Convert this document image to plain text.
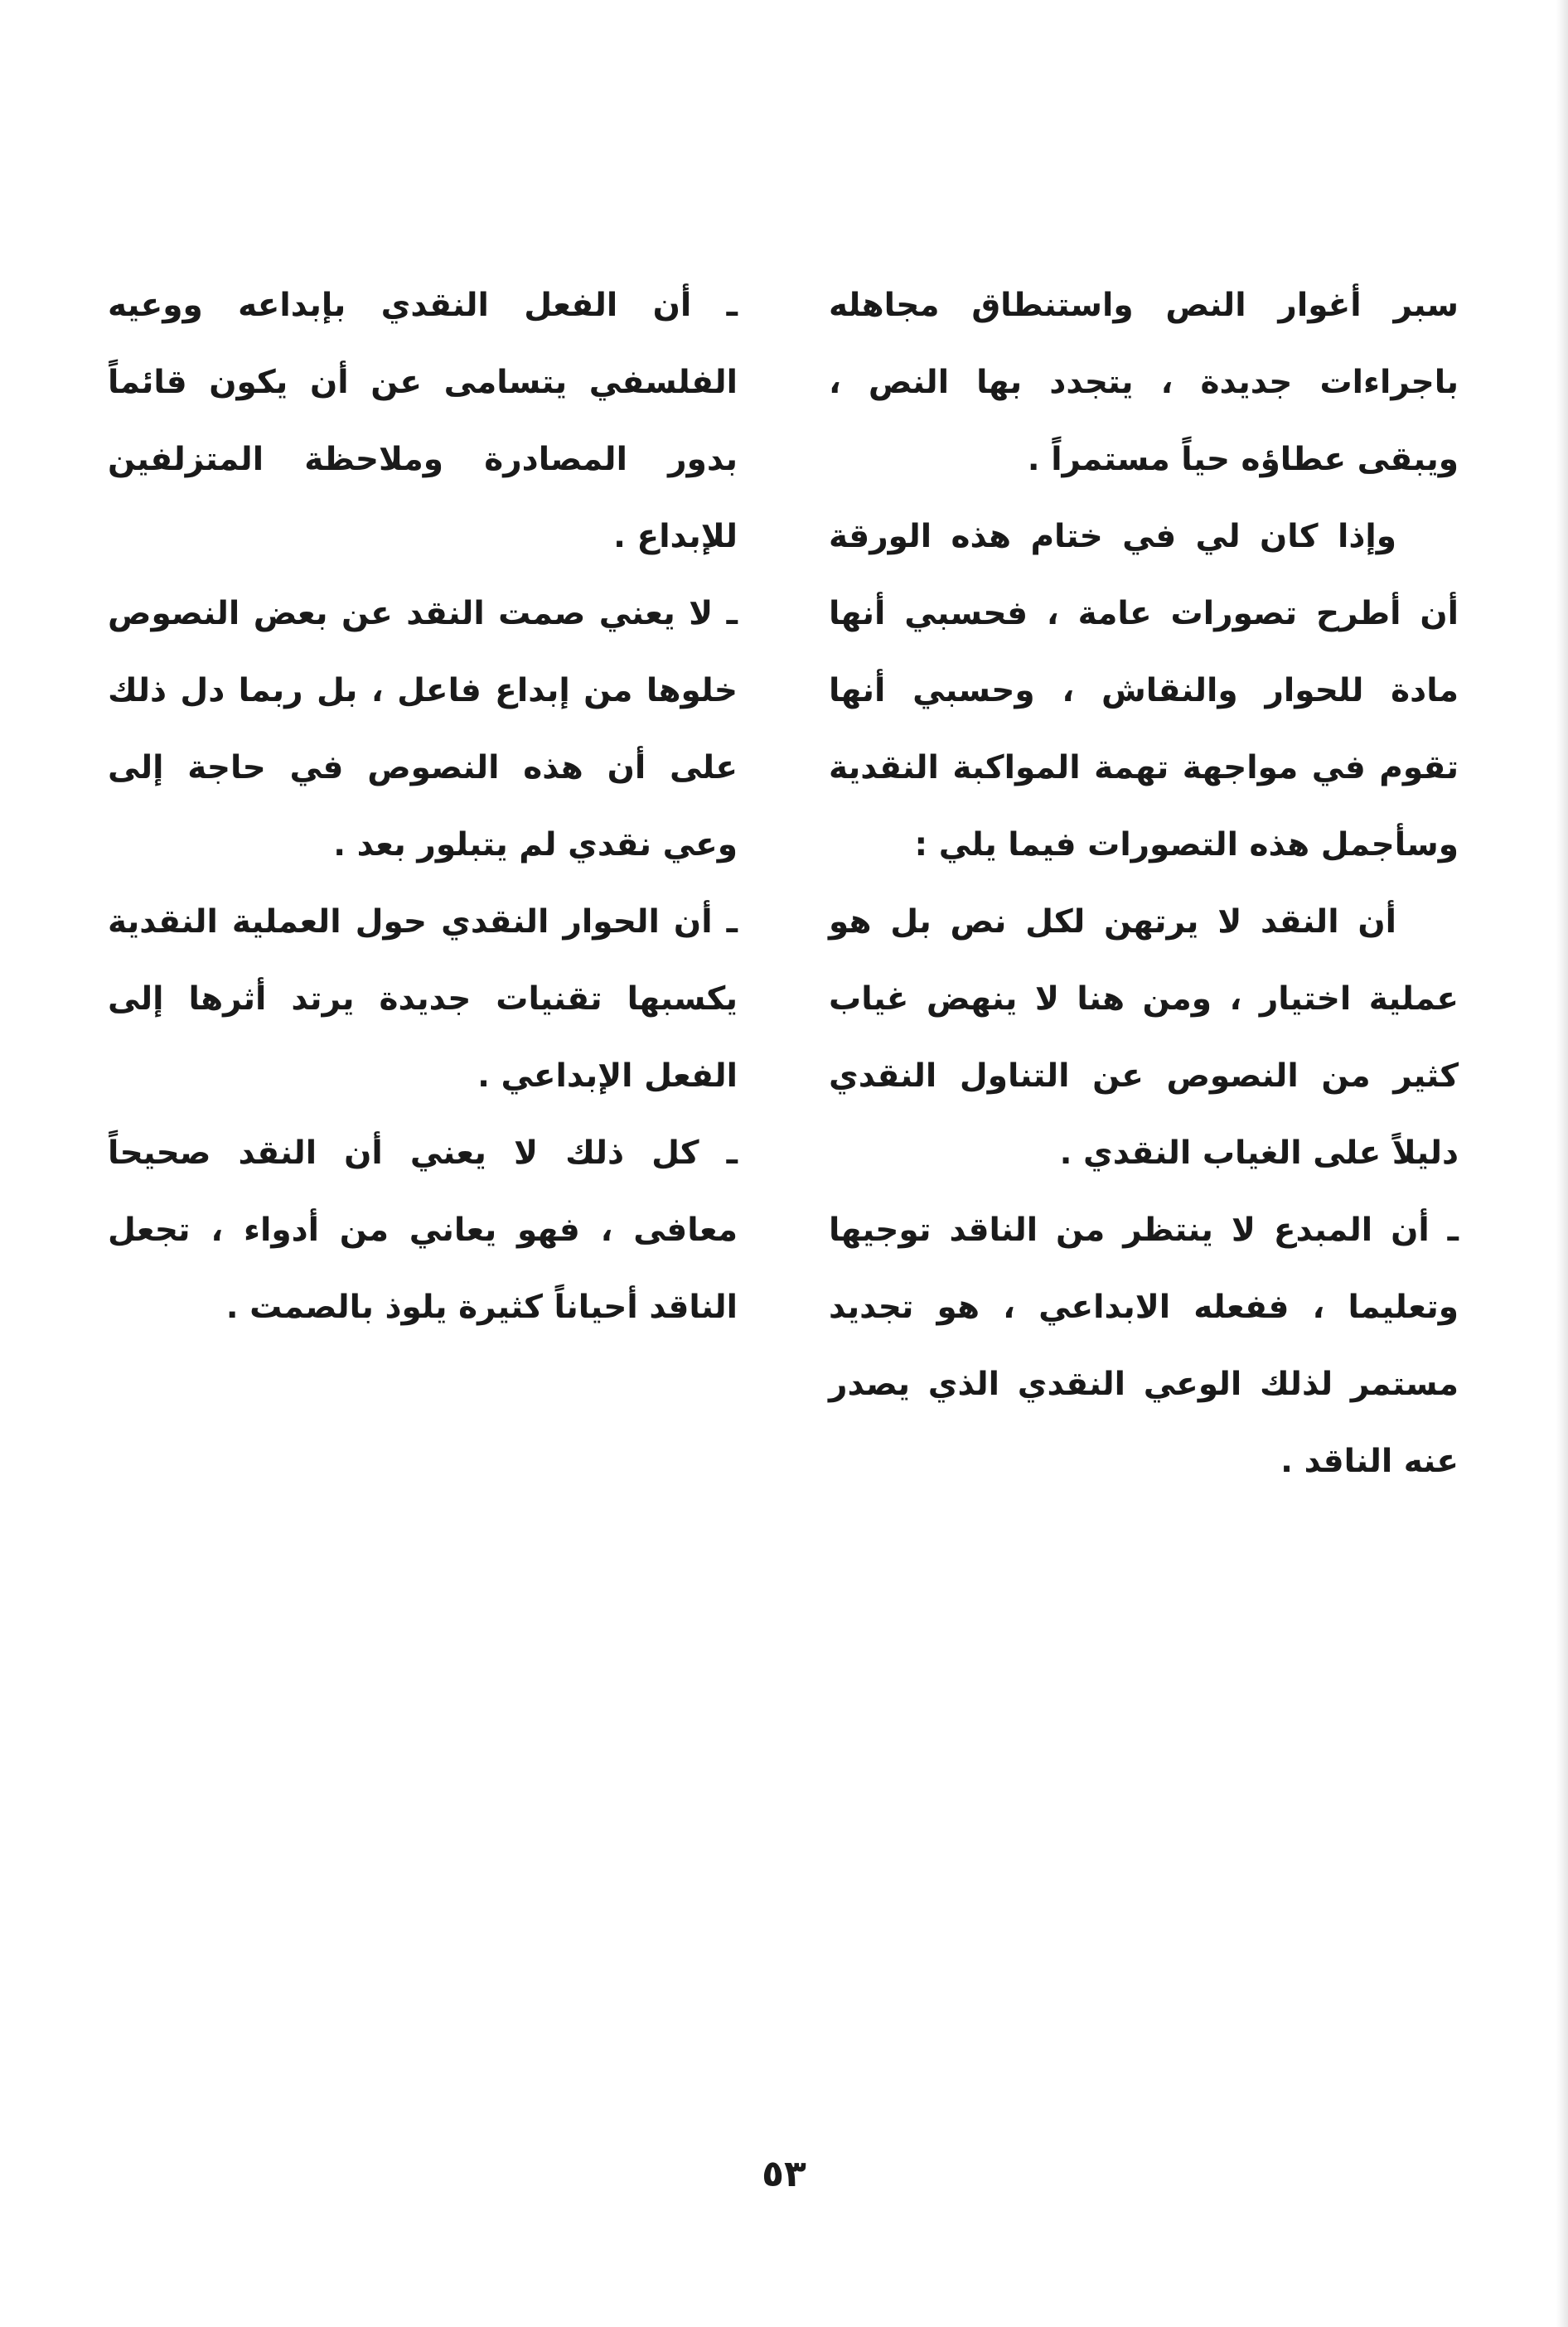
سبر أغوار النص واستنطاق مجاهله باجراءات جديدة ، يتجدد بها النص ، ويبقى عطاؤه حياً مستمراً .

وإذا كان لي في ختام هذه الورقة أن أطرح تصورات عامة ، فحسبي أنها مادة للحوار والنقاش ، وحسبي أنها تقوم في مواجهة تهمة المواكبة النقدية وسأجمل هذه التصورات فيما يلي :

أن النقد لا يرتهن لكل نص بل هو عملية اختيار ، ومن هنا لا ينهض غياب كثير من النصوص عن التناول النقدي دليلاً على الغياب النقدي .

ـ أن المبدع لا ينتظر من الناقد توجيها وتعليما ، ففعله الابداعي ، هو تجديد مستمر لذلك الوعي النقدي الذي يصدر عنه الناقد .

ـ أن الفعل النقدي بإبداعه ووعيه الفلسفي يتسامى عن أن يكون قائماً بدور المصادرة وملاحظة المتزلفين للإبداع .

ـ لا يعني صمت النقد عن بعض النصوص خلوها من إبداع فاعل ، بل ربما دل ذلك على أن هذه النصوص في حاجة إلى وعي نقدي لم يتبلور بعد .

ـ أن الحوار النقدي حول العملية النقدية يكسبها تقنيات جديدة يرتد أثرها إلى الفعل الإبداعي .

ـ كل ذلك لا يعني أن النقد صحيحاً معافى ، فهو يعاني من أدواء ، تجعل الناقد أحياناً كثيرة يلوذ بالصمت .

٥٣
